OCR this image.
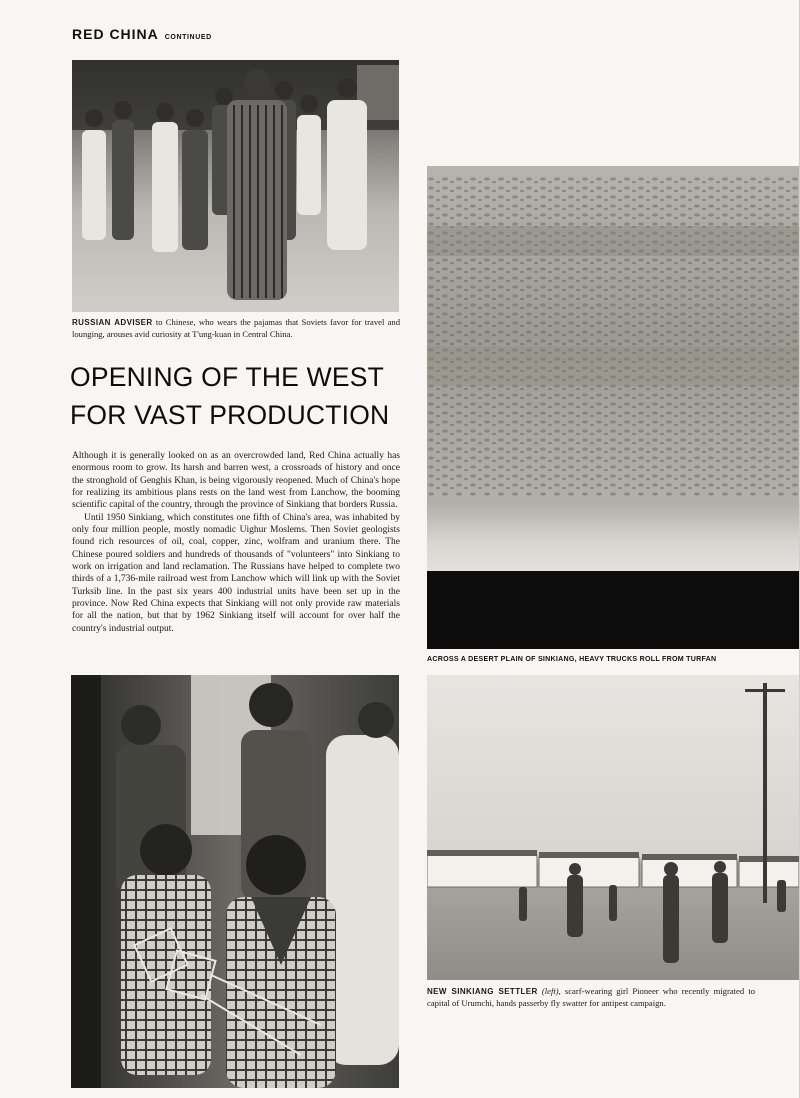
RED CHINA CONTINUED
RUSSIAN ADVISER to Chinese, who wears the pajamas that Soviets favor for travel and lounging, arouses avid curiosity at T'ung-kuan in Central China.
OPENING OF THE WEST
FOR VAST PRODUCTION

Although it is generally looked on as an overcrowded land, Red China actually has enormous room to grow. Its harsh and barren west, a crossroads of history and once the stronghold of Genghis Khan, is being vigorously reopened. Much of China's hope for realizing its ambitious plans rests on the land west from Lanchow, the booming scientific capital of the country, through the province of Sinkiang that borders Russia.

Until 1950 Sinkiang, which constitutes one fifth of China's area, was inhabited by only four million people, mostly nomadic Uighur Moslems. Then Soviet geologists found rich resources of oil, coal, copper, zinc, wolfram and uranium there. The Chinese poured soldiers and hundreds of thousands of "volunteers" into Sinkiang to work on irrigation and land reclamation. The Russians have helped to complete two thirds of a 1,736-mile railroad west from Lanchow which will link up with the Soviet Turksib line. In the past six years 400 industrial units have been set up in the province. Now Red China expects that Sinkiang will not only provide raw materials for all the nation, but that by 1962 Sinkiang itself will account for over half the country's industrial output.

ACROSS A DESERT PLAIN OF SINKIANG, HEAVY TRUCKS ROLL FROM TURFAN
NEW SINKIANG SETTLER (left), scarf-wearing girl Pioneer who recently migrated to capital of Urumchi, hands passerby fly swatter for antipest campaign.
